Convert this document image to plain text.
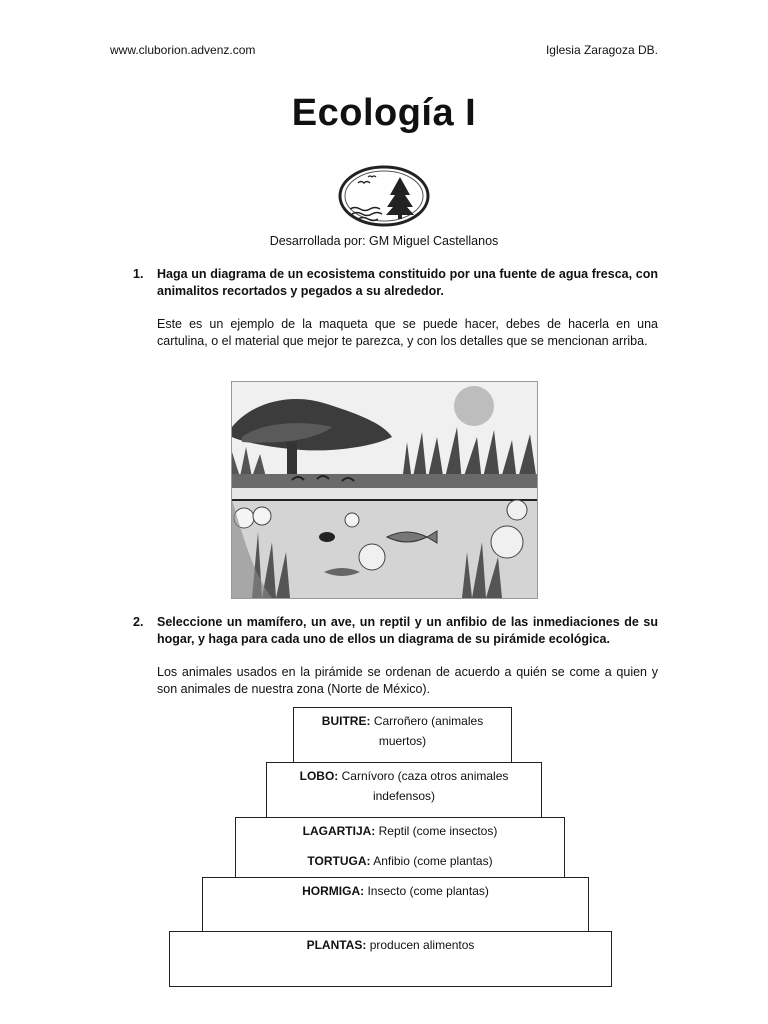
www.cluborion.advenz.com	Iglesia Zaragoza DB.
Ecología I
Desarrollada por: GM Miguel Castellanos
1. Haga un diagrama de un ecosistema constituido por una fuente de agua fresca, con animalitos recortados y pegados a su alrededor.
Este es un ejemplo de la maqueta que se puede hacer, debes de hacerla en una cartulina, o el material que mejor te parezca, y con los detalles que se mencionan arriba.
2. Seleccione un mamífero, un ave, un reptil y un anfibio de las inmediaciones de su hogar, y haga para cada uno de ellos un diagrama de su pirámide ecológica.
Los animales usados en la pirámide se ordenan de acuerdo a quién se come a quien y son animales de nuestra zona (Norte de México).
BUITRE: Carroñero (animales muertos)
LOBO: Carnívoro (caza otros animales indefensos)
LAGARTIJA: Reptil (come insectos)
TORTUGA: Anfibio (come plantas)
HORMIGA: Insecto (come plantas)
PLANTAS: producen alimentos
